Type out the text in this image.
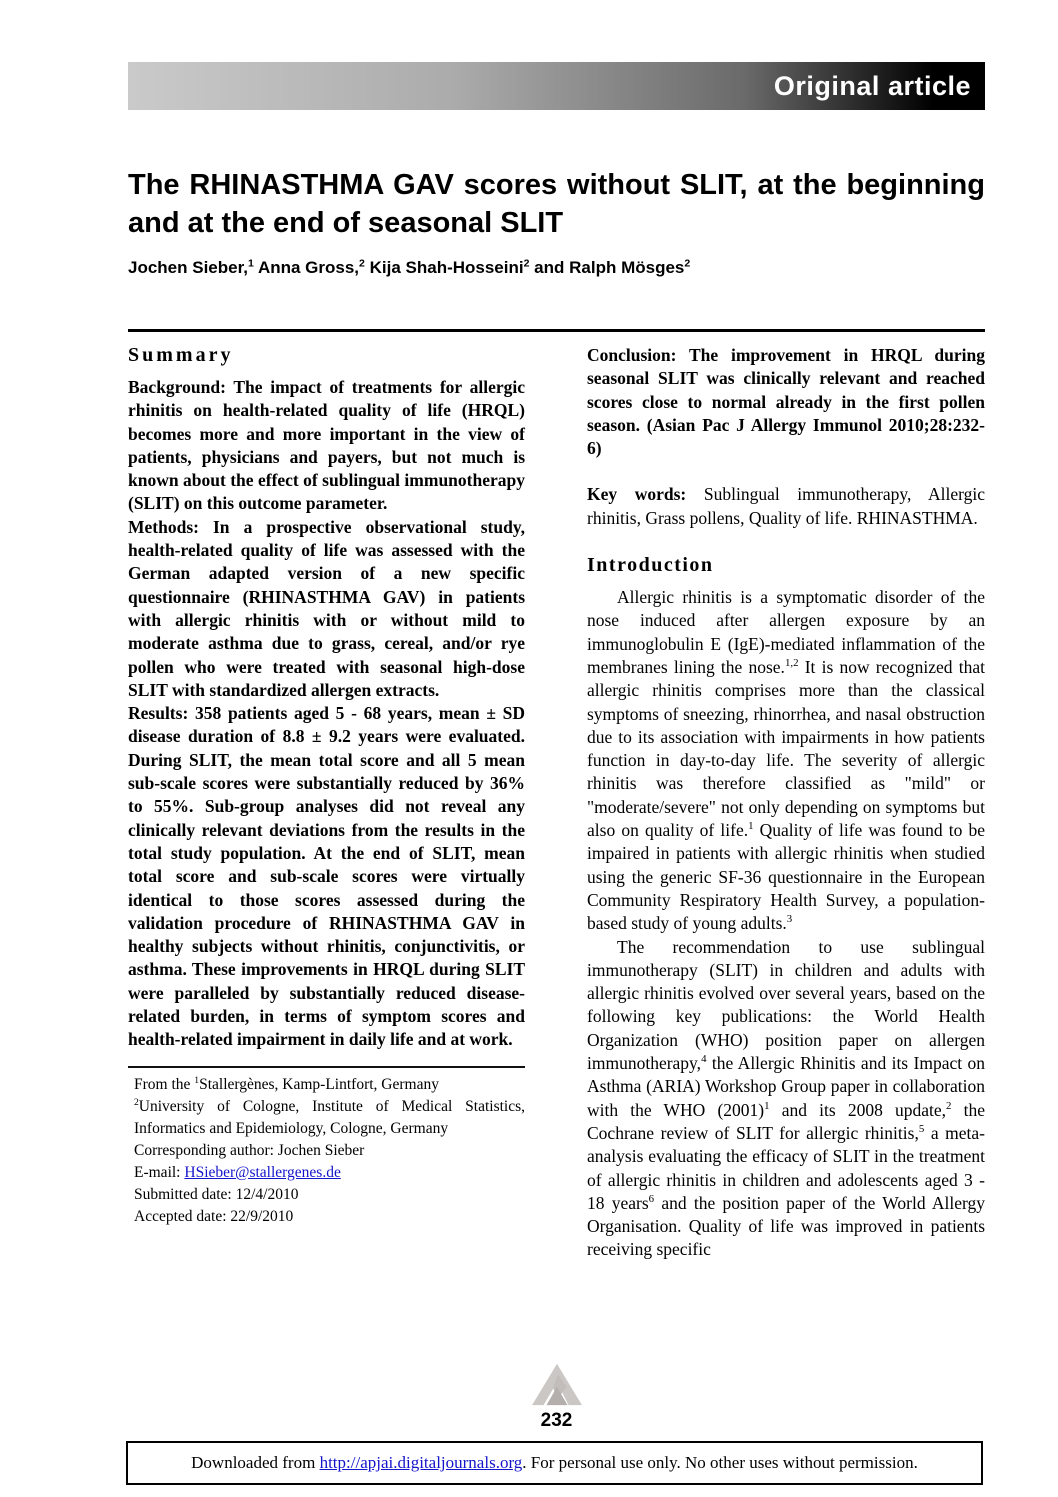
Original article
The RHINASTHMA GAV scores without SLIT, at the beginning and at the end of seasonal SLIT
Jochen Sieber,$^1$ Anna Gross,$^2$ Kija Shah-Hosseini$^2$ and Ralph Mösges$^2$
Summary

Background: The impact of treatments for allergic rhinitis on health-related quality of life (HRQL) becomes more and more important in the view of patients, physicians and payers, but not much is known about the effect of sublingual immunotherapy (SLIT) on this outcome parameter.

Methods: In a prospective observational study, health-related quality of life was assessed with the German adapted version of a new specific questionnaire (RHINASTHMA GAV) in patients with allergic rhinitis with or without mild to moderate asthma due to grass, cereal, and/or rye pollen who were treated with seasonal high-dose SLIT with standardized allergen extracts.

Results: 358 patients aged 5 - 68 years, mean ± SD disease duration of 8.8 ± 9.2 years were evaluated. During SLIT, the mean total score and all 5 mean sub-scale scores were substantially reduced by 36% to 55%. Sub-group analyses did not reveal any clinically relevant deviations from the results in the total study population. At the end of SLIT, mean total score and sub-scale scores were virtually identical to those scores assessed during the validation procedure of RHINASTHMA GAV in healthy subjects without rhinitis, conjunctivitis, or asthma. These improvements in HRQL during SLIT were paralleled by substantially reduced disease-related burden, in terms of symptom scores and health-related impairment in daily life and at work.

From the $^1$Stallergènes, Kamp-Lintfort, Germany

$^2$University of Cologne, Institute of Medical Statistics, Informatics and Epidemiology, Cologne, Germany

Corresponding author: Jochen Sieber

E-mail: HSieber@stallergenes.de

Submitted date: 12/4/2010

Accepted date: 22/9/2010

Conclusion: The improvement in HRQL during seasonal SLIT was clinically relevant and reached scores close to normal already in the first pollen season. (Asian Pac J Allergy Immunol 2010;28:232-6)

Key words: Sublingual immunotherapy, Allergic rhinitis, Grass pollens, Quality of life. RHINASTHMA.

Introduction

Allergic rhinitis is a symptomatic disorder of the nose induced after allergen exposure by an immunoglobulin E (IgE)-mediated inflammation of the membranes lining the nose.$^{1,2}$ It is now recognized that allergic rhinitis comprises more than the classical symptoms of sneezing, rhinorrhea, and nasal obstruction due to its association with impairments in how patients function in day-to-day life. The severity of allergic rhinitis was therefore classified as "mild" or "moderate/severe" not only depending on symptoms but also on quality of life.$^1$ Quality of life was found to be impaired in patients with allergic rhinitis when studied using the generic SF-36 questionnaire in the European Community Respiratory Health Survey, a population-based study of young adults.$^3$

The recommendation to use sublingual immunotherapy (SLIT) in children and adults with allergic rhinitis evolved over several years, based on the following key publications: the World Health Organization (WHO) position paper on allergen immunotherapy,$^4$ the Allergic Rhinitis and its Impact on Asthma (ARIA) Workshop Group paper in collaboration with the WHO $(2001)^1$ and its 2008 update,$^2$ the Cochrane review of SLIT for allergic rhinitis,$^5$ a meta-analysis evaluating the efficacy of SLIT in the treatment of allergic rhinitis in children and adolescents aged 3 - 18 years$^6$ and the position paper of the World Allergy Organisation. Quality of life was improved in patients receiving specific

232
Downloaded from http://apjai.digitaljournals.org. For personal use only. No other uses without permission.
